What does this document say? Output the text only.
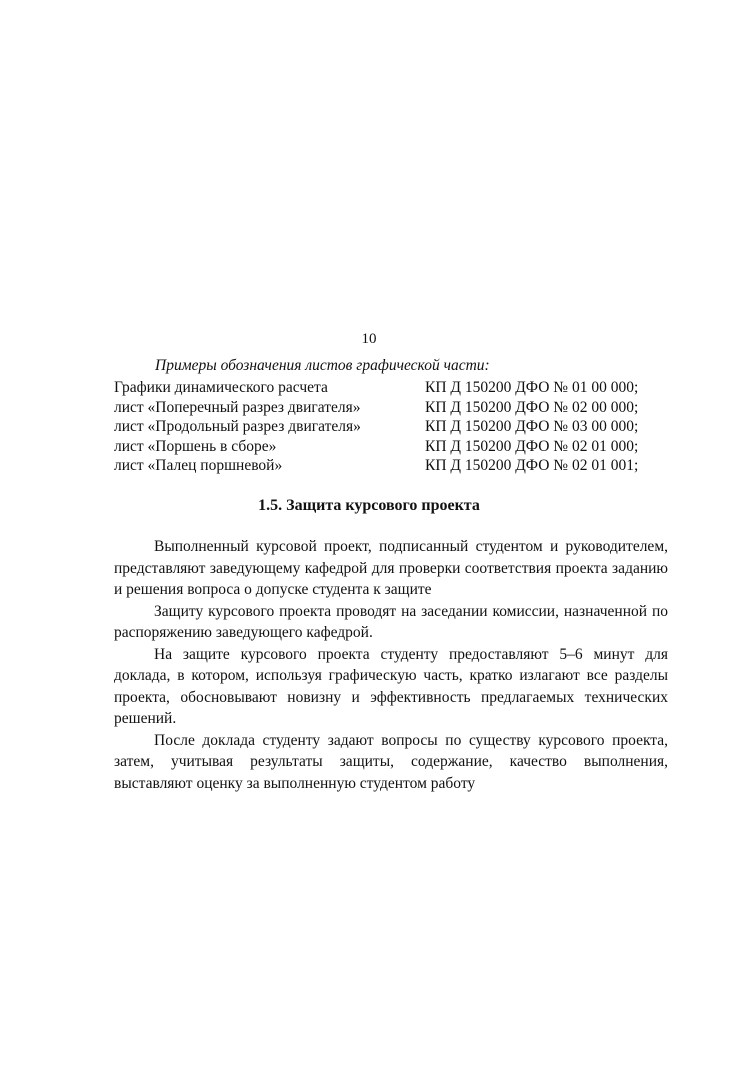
10
Примеры обозначения листов графической части:
Графики динамического расчета	КП Д 150200 ДФО № 01 00 000;
лист «Поперечный разрез двигателя»	КП Д 150200 ДФО № 02 00 000;
лист «Продольный разрез двигателя»	КП Д 150200 ДФО № 03 00 000;
лист «Поршень в сборе»	КП Д 150200 ДФО № 02 01 000;
лист «Палец поршневой»	КП Д 150200 ДФО № 02 01 001;
1.5. Защита курсового проекта

Выполненный курсовой проект, подписанный студентом и руководителем, представляют заведующему кафедрой для проверки соответствия проекта заданию и решения вопроса о допуске студента к защите

Защиту курсового проекта проводят на заседании комиссии, назначенной по распоряжению заведующего кафедрой.

На защите курсового проекта студенту предоставляют 5–6 минут для доклада, в котором, используя графическую часть, кратко излагают все разделы проекта, обосновывают новизну и эффективность предлагаемых технических решений.

После доклада студенту задают вопросы по существу курсового проекта, затем, учитывая результаты защиты, содержание, качество выполнения, выставляют оценку за выполненную студентом работу
